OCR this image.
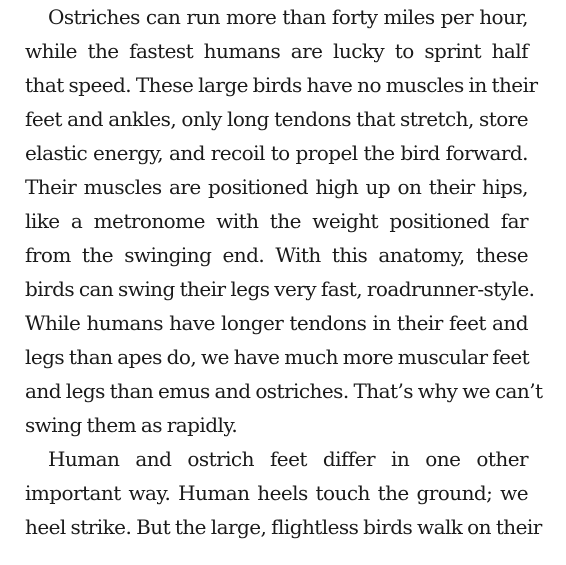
Ostriches can run more than forty miles per hour,
while the fastest humans are lucky to sprint half
that speed. These large birds have no muscles in their
feet and ankles, only long tendons that stretch, store
elastic energy, and recoil to propel the bird forward.
Their muscles are positioned high up on their hips,
like a metronome with the weight positioned far
from the swinging end. With this anatomy, these
birds can swing their legs very fast, roadrunner-style.
While humans have longer tendons in their feet and
legs than apes do, we have much more muscular feet
and legs than emus and ostriches. That’s why we can’t
swing them as rapidly.
Human and ostrich feet differ in one other
important way. Human heels touch the ground; we
heel strike. But the large, flightless birds walk on their
